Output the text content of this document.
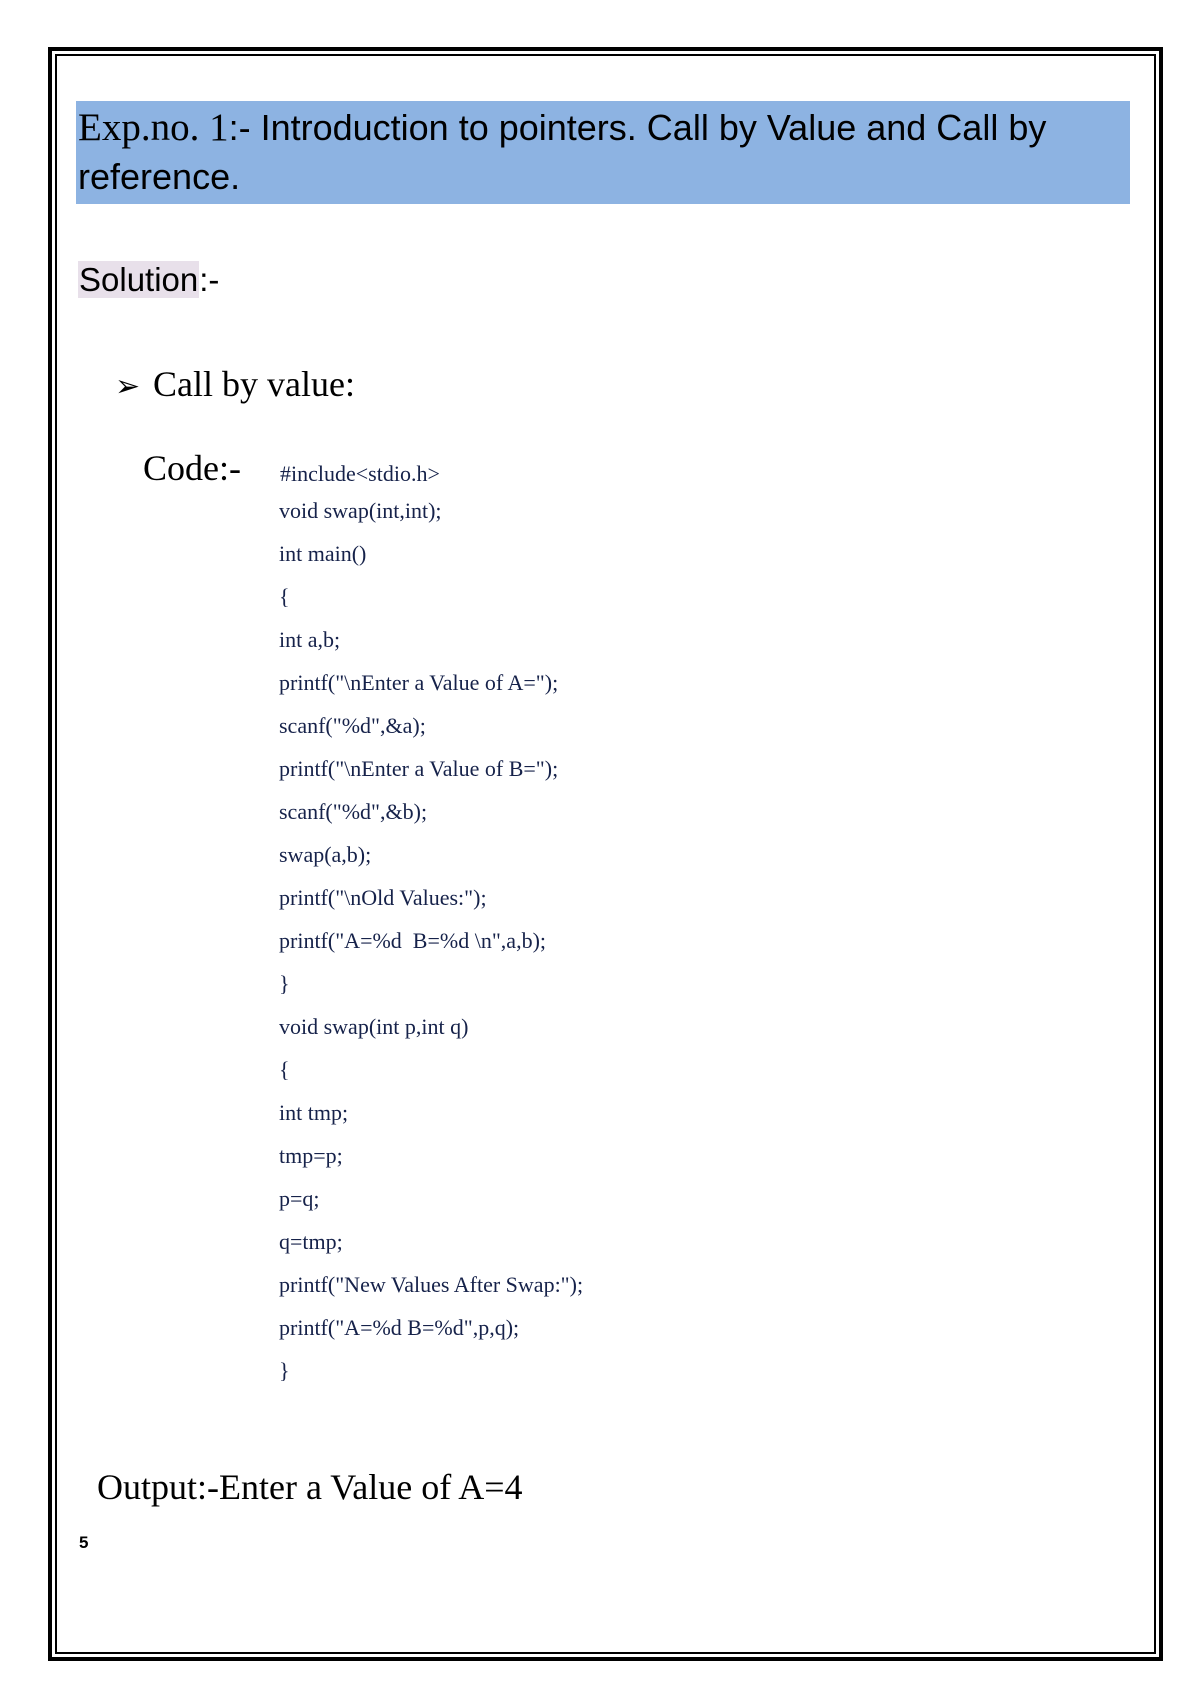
Exp.no. 1:- Introduction to pointers. Call by Value and Call by reference.
Solution:-
➢ Call by value:
Code:- #include<stdio.h>
void swap(int,int);
int main()
{
int a,b;
printf("\nEnter a Value of A=");
scanf("%d",&a);
printf("\nEnter a Value of B=");
scanf("%d",&b);
swap(a,b);
printf("\nOld Values:");
printf("A=%d  B=%d \n",a,b);
}
void swap(int p,int q)
{
int tmp;
tmp=p;
p=q;
q=tmp;
printf("New Values After Swap:");
printf("A=%d B=%d",p,q);
}
Output:-Enter a Value of A=4
5
